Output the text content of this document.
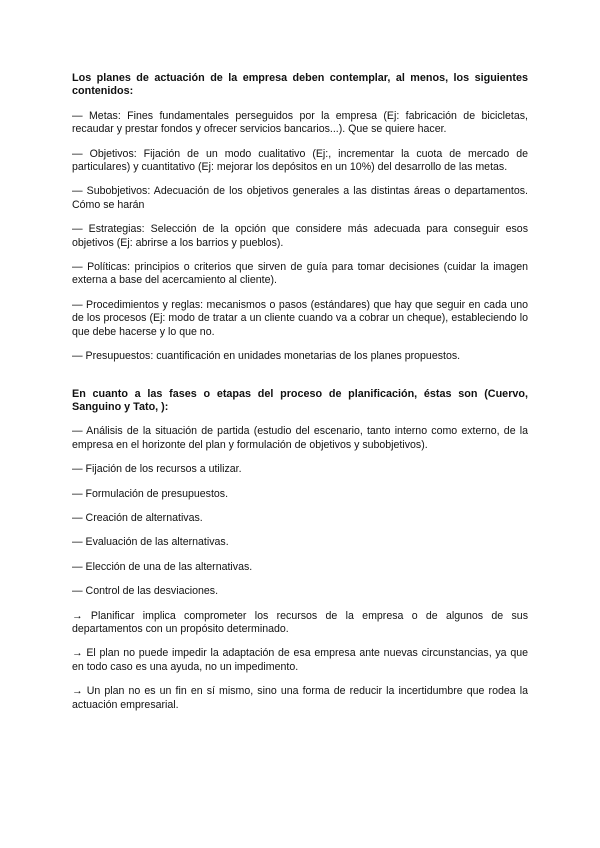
Los planes de actuación de la empresa deben contemplar, al menos, los siguientes contenidos:

— Metas: Fines fundamentales perseguidos por la empresa (Ej: fabricación de bicicletas, recaudar y prestar fondos y ofrecer servicios bancarios...). Que se quiere hacer.

— Objetivos: Fijación de un modo cualitativo (Ej:, incrementar la cuota de mercado de particulares) y cuantitativo (Ej: mejorar los depósitos en un 10%) del desarrollo de las metas.

— Subobjetivos: Adecuación de los objetivos generales a las distintas áreas o departamentos. Cómo se harán

— Estrategias: Selección de la opción que considere más adecuada para conseguir esos objetivos (Ej: abrirse a los barrios y pueblos).

— Políticas: principios o criterios que sirven de guía para tomar decisiones (cuidar la imagen externa a base del acercamiento al cliente).

— Procedimientos y reglas: mecanismos o pasos (estándares) que hay que seguir en cada uno de los procesos (Ej: modo de tratar a un cliente cuando va a cobrar un cheque), estableciendo lo que debe hacerse y lo que no.

— Presupuestos: cuantificación en unidades monetarias de los planes propuestos.

En cuanto a las fases o etapas del proceso de planificación, éstas son (Cuervo, Sanguino y Tato, ):

— Análisis de la situación de partida (estudio del escenario, tanto interno como externo, de la empresa en el horizonte del plan y formulación de objetivos y subobjetivos).

— Fijación de los recursos a utilizar.

— Formulación de presupuestos.

— Creación de alternativas.

— Evaluación de las alternativas.

— Elección de una de las alternativas.

— Control de las desviaciones.

→ Planificar implica comprometer los recursos de la empresa o de algunos de sus departamentos con un propósito determinado.

→ El plan no puede impedir la adaptación de esa empresa ante nuevas circunstancias, ya que en todo caso es una ayuda, no un impedimento.

→ Un plan no es un fin en sí mismo, sino una forma de reducir la incertidumbre que rodea la actuación empresarial.
